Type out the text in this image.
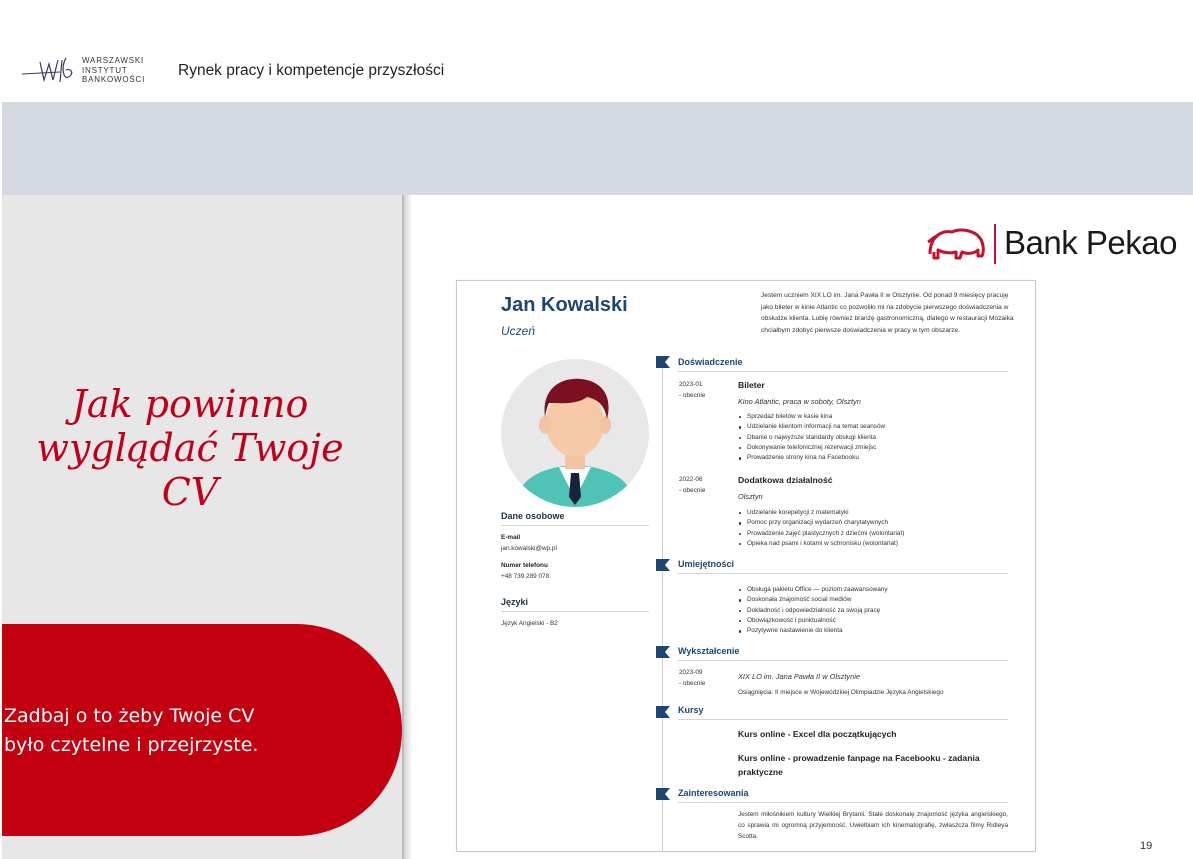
WARSZAWSKI
INSTYTUT
BANKOWOŚCI
Rynek pracy i kompetencje przyszłości
Jak powinno
wyglądać Twoje
CV
Zadbaj o to żeby Twoje CV
było czytelne i przejrzyste.
Bank Pekao
Jan Kowalski
Uczeń
Jestem uczniem XIX LO im. Jana Pawła II w Olsztynie. Od ponad 9 miesięcy pracuję jako bileter w kinie Atlantic co pozwoliło mi na zdobycie pierwszego doświadczenia w obsłudze klienta. Lubię również branżę gastronomiczną, dlatego w restauracji Mozaika chciałbym zdobyć pierwsze doświadczenia w pracy w tym obszarze.
Dane osobowe
E-mail
jan.kowalski@wp.pl
Numer telefonu
+48 739 289 078
Języki
Język Angielski - B2
Doświadczenie
2023-01
- obecnie
Bileter
Kino Atlantic, praca w soboty, Olsztyn
Sprzedaż biletów w kasie kina
Udzielanie klientom informacji na temat seansów
Dbanie o najwyższe standardy obsługi klienta
Dokonywanie telefonicznej rezerwacji zmiejsc
Prowadzenie strony kina na Facebooku
2022-06
- obecnie
Dodatkowa działalność
Olsztyn
Udzielanie korepetycji z matematyki
Pomoc przy organizacji wydarzeń charytatywnych
Prowadzenie zajęć plastycznych z dziećmi (wolontariat)
Opieka nad psami i kotami w schronisku (wolontariat)
Umiejętności
Obsługa pakietu Office — poziom zaawansowany
Doskonała znajomość social mediów
Dokładność i odpowiedzialność za swoją pracę
Obowiązkowość i punktualność
Pozytywne nastawienie do klienta
Wykształcenie
2023-09
- obecnie
XIX LO im. Jana Pawła II w Olsztynie
Osiągnięcia: II miejsce w Wojewódzkiej Olimpiadzie Języka Angielskiego
Kursy
Kurs online - Excel dla początkujących
Kurs online - prowadzenie fanpage na Facebooku - zadania praktyczne
Zainteresowania
Jestem miłośnikiem kultury Wielkiej Brytanii. Stale doskonalę znajomość języka angielskiego, co sprawia mi ogromną przyjemność. Uwielbiam ich kinematografię, zwłaszcza filmy Ridleya Scotta.
19
